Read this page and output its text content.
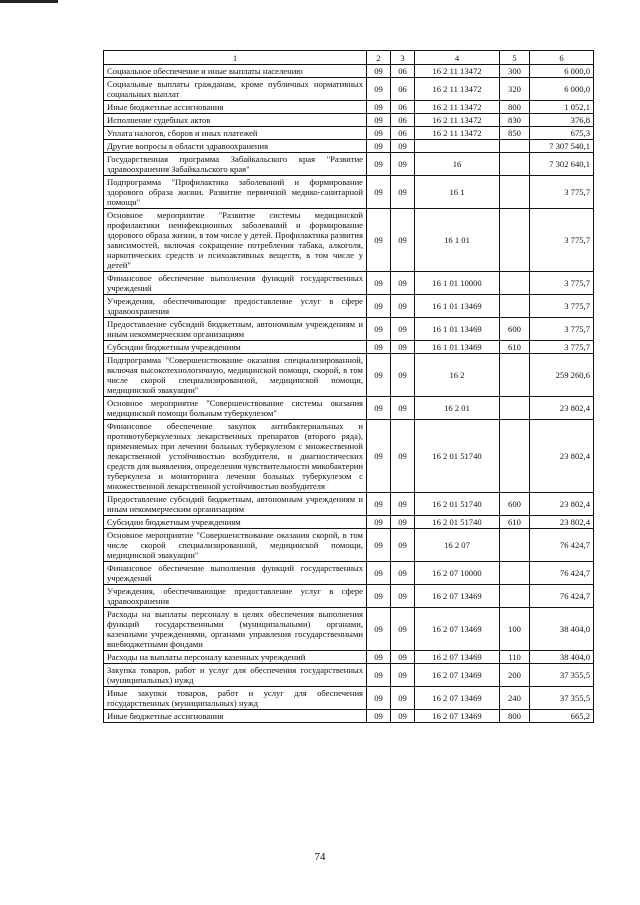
1	2	3	4	5	6
Социальное обеспечение и иные выплаты населению	09	06	16 2 11 13472	300	6 000,0
Социальные выплаты гражданам, кроме публичных нормативных социальных выплат	09	06	16 2 11 13472	320	6 000,0
Иные бюджетные ассигнования	09	06	16 2 11 13472	800	1 052,1
Исполнение судебных актов	09	06	16 2 11 13472	830	376,8
Уплата налогов, сборов и иных платежей	09	06	16 2 11 13472	850	675,3
Другие вопросы в области здравоохранения	09	09			7 307 540,1
Государственная программа Забайкальского края "Развитие здравоохранения Забайкальского края"	09	09	16		7 302 640,1
Подпрограмма "Профилактика заболеваний и формирование здорового образа жизни. Развитие первичной медико-санитарной помощи"	09	09	16 1		3 775,7
Основное мероприятие "Развитие системы медицинской профилактики неинфекционных заболеваний и формирование здорового образа жизни, в том числе у детей. Профилактика развития зависимостей, включая сокращение потребления табака, алкоголя, наркотических средств и психоактивных веществ, в том числе у детей"	09	09	16 1 01		3 775,7
Финансовое обеспечение выполнения функций государственных учреждений	09	09	16 1 01 10000		3 775,7
Учреждения, обеспечивающие предоставление услуг в сфере здравоохранения	09	09	16 1 01 13469		3 775,7
Предоставление субсидий бюджетным, автономным учреждениям и иным некоммерческим организациям	09	09	16 1 01 13469	600	3 775,7
Субсидии бюджетным учреждениям	09	09	16 1 01 13469	610	3 775,7
Подпрограмма "Совершенствование оказания специализированной, включая высокотехнологичную, медицинской помощи, скорой, в том числе скорой специализированной, медицинской помощи, медицинской эвакуации"	09	09	16 2		259 260,6
Основное мероприятие "Совершенствование системы оказания медицинской помощи больным туберкулезом"	09	09	16 2 01		23 802,4
Финансовое обеспечение закупок антибактериальных и противотуберкулезных лекарственных препаратов (второго ряда), применяемых при лечении больных туберкулезом с множественной лекарственной устойчивостью возбудителя, и диагностических средств для выявления, определения чувствительности микобактерии туберкулеза и мониторинга лечения больных туберкулезом с множественной лекарственной устойчивостью возбудителя	09	09	16 2 01 51740		23 802,4
Предоставление субсидий бюджетным, автономным учреждениям и иным некоммерческим организациям	09	09	16 2 01 51740	600	23 802,4
Субсидии бюджетным учреждениям	09	09	16 2 01 51740	610	23 802,4
Основное мероприятие "Совершенствование оказания скорой, в том числе скорой специализированной, медицинской помощи, медицинской эвакуации"	09	09	16 2 07		76 424,7
Финансовое обеспечение выполнения функций государственных учреждений	09	09	16 2 07 10000		76 424,7
Учреждения, обеспечивающие предоставление услуг в сфере здравоохранения	09	09	16 2 07 13469		76 424,7
Расходы на выплаты персоналу в целях обеспечения выполнения функций государственными (муниципальными) органами, казенными учреждениями, органами управления государственными внебюджетными фондами	09	09	16 2 07 13469	100	38 404,0
Расходы на выплаты персоналу казенных учреждений	09	09	16 2 07 13469	110	38 404,0
Закупка товаров, работ и услуг для обеспечения государственных (муниципальных) нужд	09	09	16 2 07 13469	200	37 355,5
Иные закупки товаров, работ и услуг для обеспечения государственных (муниципальных) нужд	09	09	16 2 07 13469	240	37 355,5
Иные бюджетные ассигнования	09	09	16 2 07 13469	800	665,2
74
